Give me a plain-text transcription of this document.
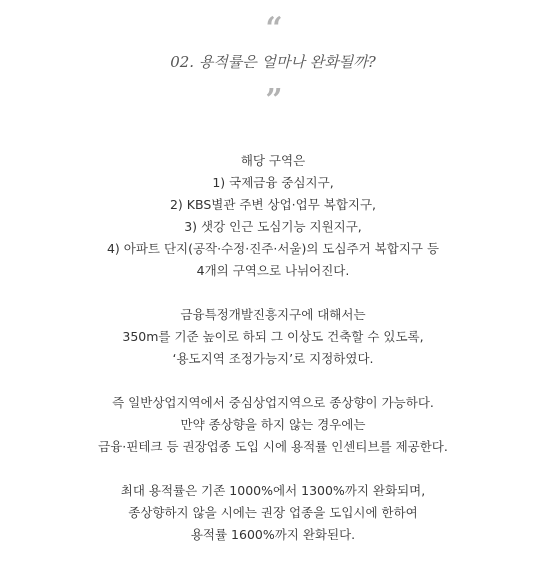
“
02. 용적률은 얼마나 완화될까?
”
해당 구역은
1) 국제금융 중심지구,
2) KBS별관 주변 상업·업무 복합지구,
3) 샛강 인근 도심기능 지원지구,
4) 아파트 단지(공작·수정·진주·서울)의 도심주거 복합지구 등
4개의 구역으로 나뉘어진다.
금융특정개발진흥지구에 대해서는
350m를 기준 높이로 하되 그 이상도 건축할 수 있도록,
‘용도지역 조정가능지’로 지정하였다.
즉 일반상업지역에서 중심상업지역으로 종상향이 가능하다.
만약 종상향을 하지 않는 경우에는
금융·핀테크 등 권장업종 도입 시에 용적률 인센티브를 제공한다.
최대 용적률은 기존 1000%에서 1300%까지 완화되며,
종상향하지 않을 시에는 권장 업종을 도입시에 한하여
용적률 1600%까지 완화된다.
